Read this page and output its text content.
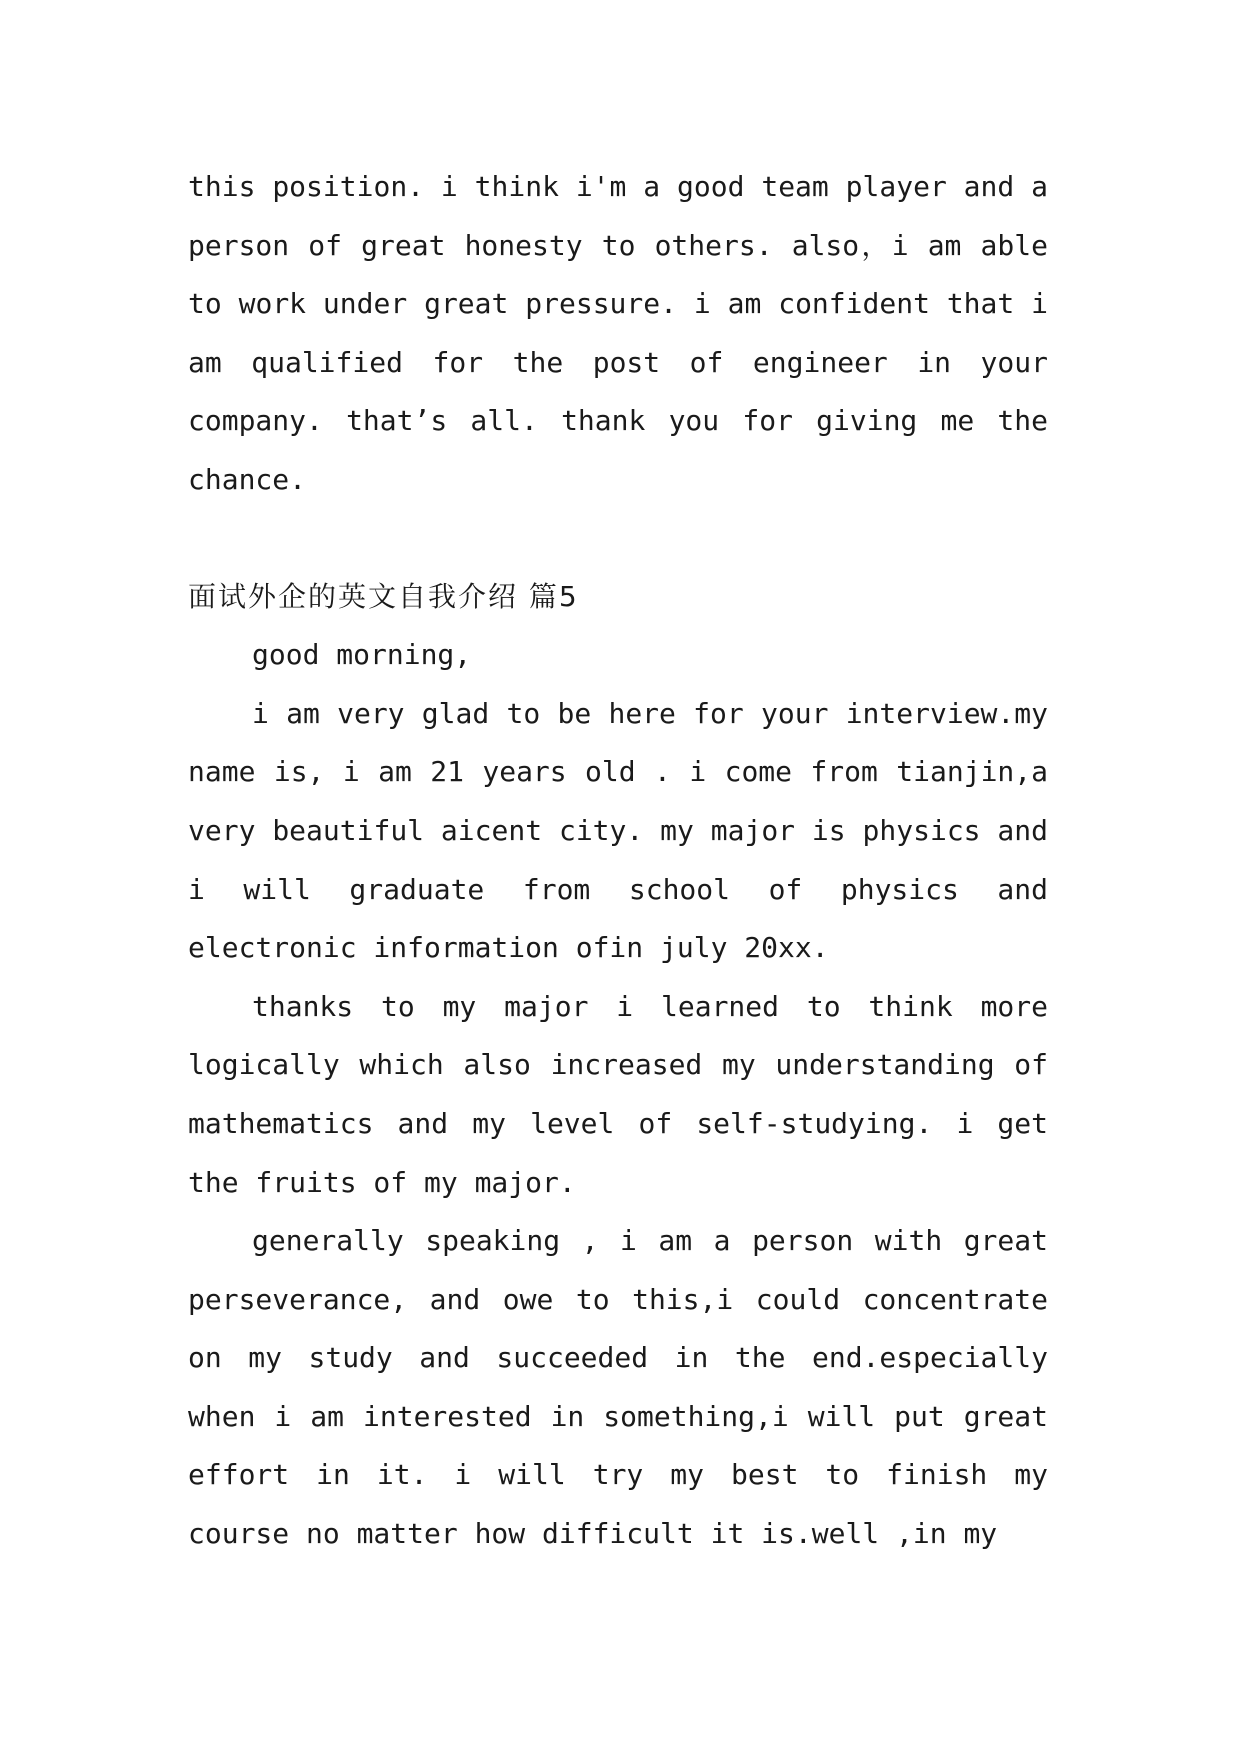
this position. i think i'm a good team player and a person of great honesty to others. also，i am able to work under great pressure. i am confident that i am qualified for the post of engineer in your company. that’s all. thank you for giving me the chance.

面试外企的英文自我介绍 篇5

good morning,

i am very glad to be here for your interview.my name is, i am 21 years old . i come from tianjin,a very beautiful aicent city. my major is physics and i will graduate from school of physics and electronic information ofin july 20xx.

thanks to my major i learned to think more logically which also increased my understanding of mathematics and my level of self-studying. i get the fruits of my major.

generally speaking , i am a person with great perseverance, and owe to this,i could concentrate on my study and succeeded in the end.especially when i am interested in something,i will put great effort in it. i will try my best to finish my course no matter how difficult it is.well ,in my
